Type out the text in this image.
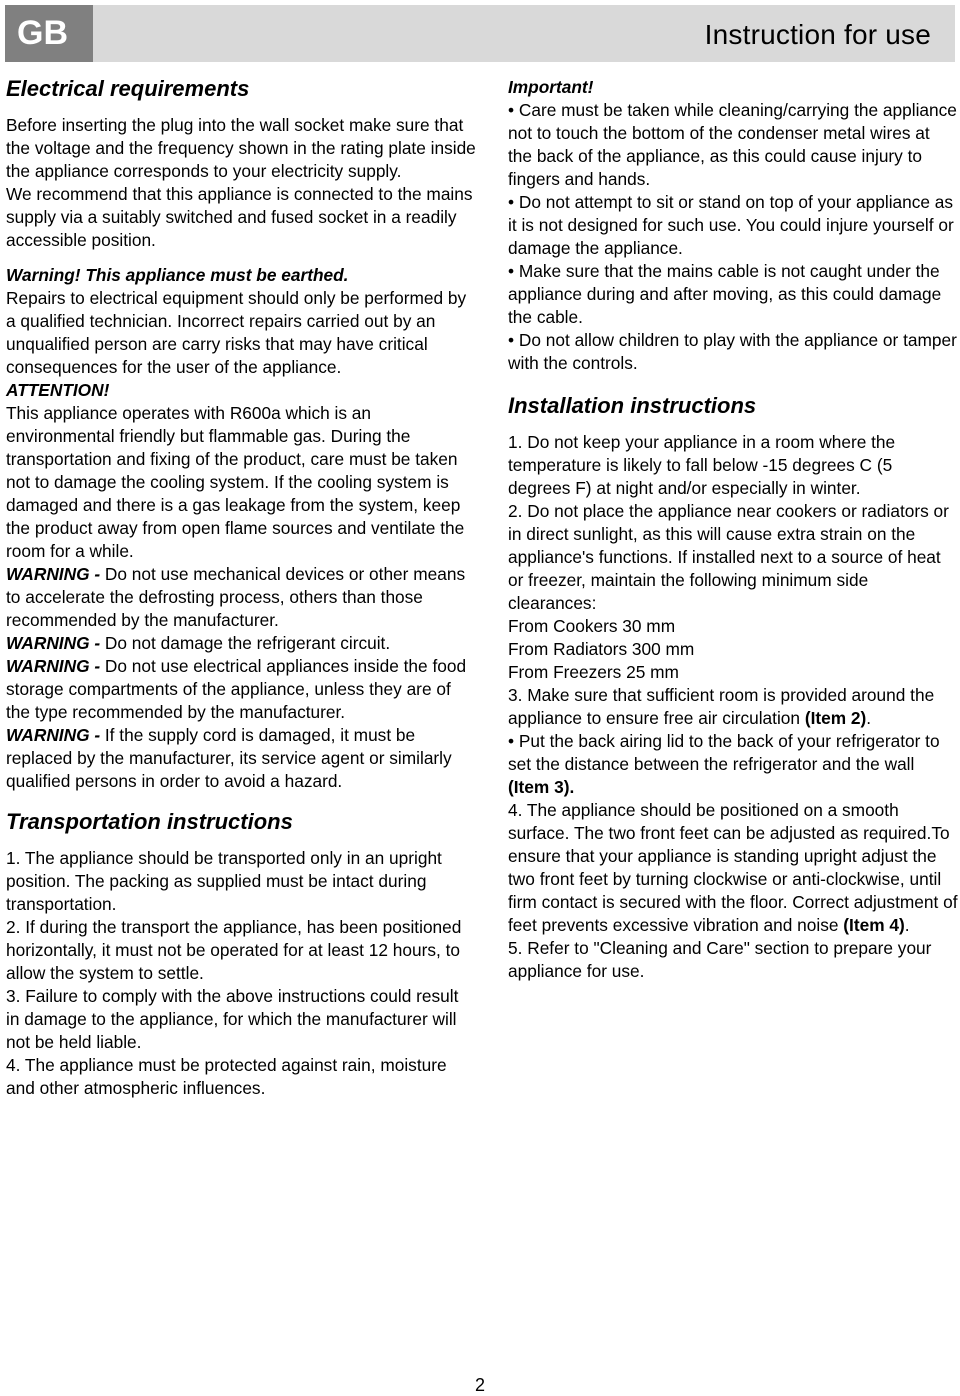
GB	Instruction for use
Electrical requirements

Before inserting the plug into the wall socket make sure that the voltage and the frequency shown in the rating plate inside the appliance corresponds to your electricity supply.

We recommend that this appliance is connected to the mains supply via a suitably switched and fused socket in a readily accessible position.

Warning! This appliance must be earthed.

Repairs to electrical equipment should only be performed by a qualified technician. Incorrect repairs carried out by an unqualified person are carry risks that may have critical consequences for the user of the appliance.

ATTENTION!

This appliance operates with R600a which is an environmental friendly but flammable gas. During the transportation and fixing of the product, care must be taken not to damage the cooling system. If the cooling system is damaged and there is a gas leakage from the system, keep the product away from open flame sources and ventilate the room for a while.

WARNING - Do not use mechanical devices or other means to accelerate the defrosting process, others than those recommended by the manufacturer.

WARNING - Do not damage the refrigerant circuit.

WARNING - Do not use electrical appliances inside the food storage compartments of the appliance, unless they are of the type recommended by the manufacturer.

WARNING - If the supply cord is damaged, it must be replaced by the manufacturer, its service agent or similarly qualified persons in order to avoid a hazard.

Transportation instructions

1. The appliance should be transported only in an upright position. The packing as supplied must be intact during transportation.

2. If during the transport the appliance, has been positioned horizontally, it must not be operated for at least 12 hours, to allow the system to settle.

3. Failure to comply with the above instructions could result in damage to the appliance, for which the manufacturer will not be held liable.

4. The appliance must be protected against rain, moisture and other atmospheric influences.

Important!

• Care must be taken while cleaning/carrying the appliance not to touch the bottom of the condenser metal wires at the back of the appliance, as this could cause injury to fingers and hands.

• Do not attempt to sit or stand on top of your appliance as it is not designed for such use. You could injure yourself or damage the appliance.

• Make sure that the mains cable is not caught under the appliance during and after moving, as this could damage the cable.

• Do not allow children to play with the appliance or tamper with the controls.

Installation instructions

1. Do not keep your appliance in a room where the temperature is likely to fall below -15 degrees C (5 degrees F) at night and/or especially in winter.

2. Do not place the appliance near cookers or radiators or in direct sunlight, as this will cause extra strain on the appliance's functions. If installed next to a source of heat or freezer, maintain the following minimum side clearances:

From Cookers 30 mm

From Radiators 300 mm

From Freezers 25 mm

3. Make sure that sufficient room is provided around the appliance to ensure free air circulation (Item 2).

• Put the back airing lid to the back of your refrigerator to set the distance between the refrigerator and the wall (Item 3).

4. The appliance should be positioned on a smooth surface. The two front feet can be adjusted as required.To ensure that your appliance is standing upright adjust the two front feet by turning clockwise or anti-clockwise, until firm contact is secured with the floor. Correct adjustment of feet prevents excessive vibration and noise (Item 4).

5. Refer to "Cleaning and Care" section to prepare your appliance for use.

2
